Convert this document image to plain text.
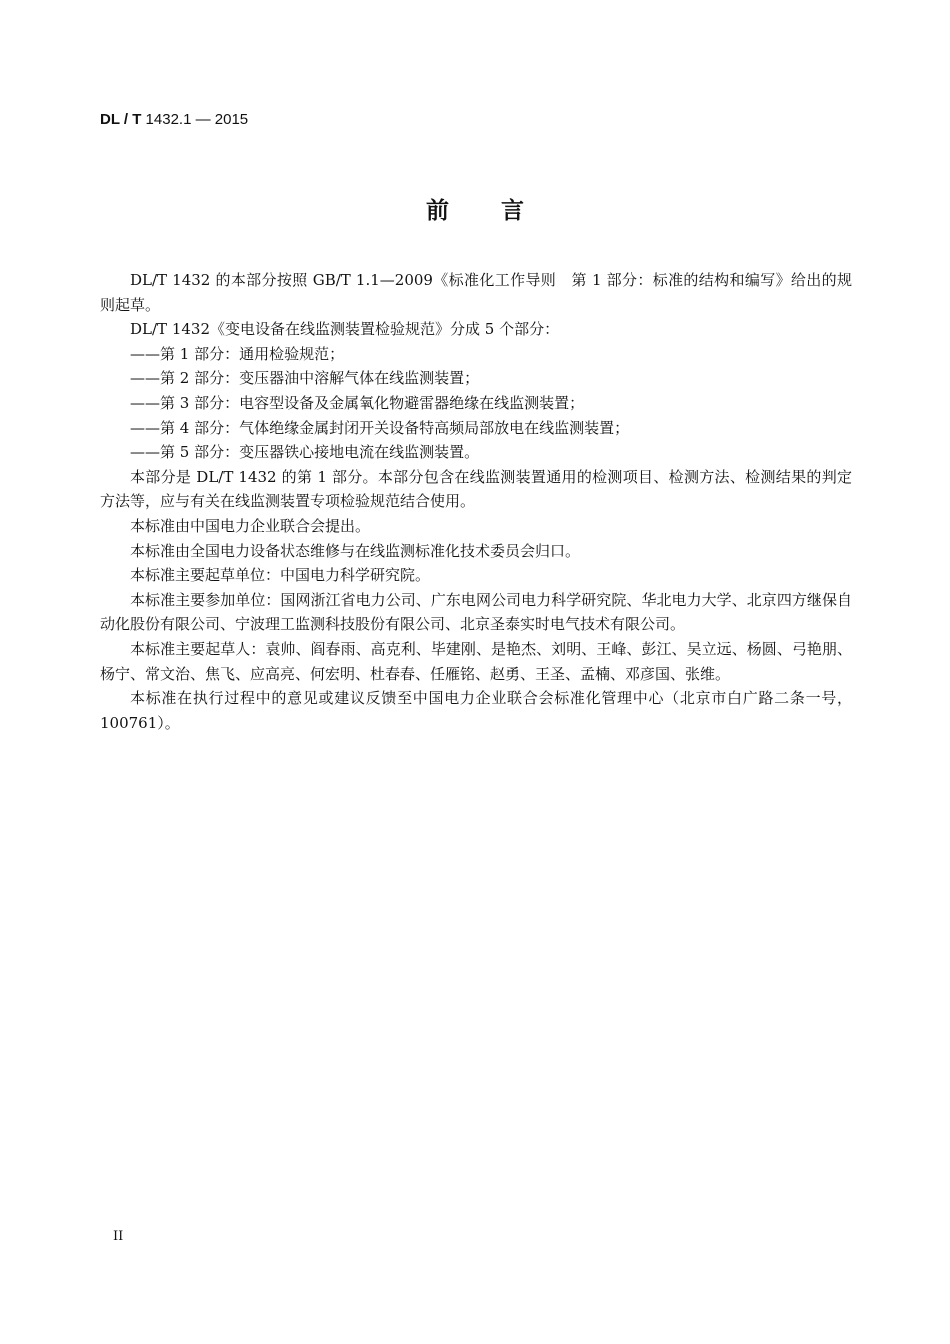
DL / T 1432.1 — 2015
前言

DL/T 1432 的本部分按照 GB/T 1.1—2009《标准化工作导则　第 1 部分：标准的结构和编写》给出的规则起草。

DL/T 1432《变电设备在线监测装置检验规范》分成 5 个部分：

——第 1 部分：通用检验规范；

——第 2 部分：变压器油中溶解气体在线监测装置；

——第 3 部分：电容型设备及金属氧化物避雷器绝缘在线监测装置；

——第 4 部分：气体绝缘金属封闭开关设备特高频局部放电在线监测装置；

——第 5 部分：变压器铁心接地电流在线监测装置。

本部分是 DL/T 1432 的第 1 部分。本部分包含在线监测装置通用的检测项目、检测方法、检测结果的判定方法等，应与有关在线监测装置专项检验规范结合使用。

本标准由中国电力企业联合会提出。

本标准由全国电力设备状态维修与在线监测标准化技术委员会归口。

本标准主要起草单位：中国电力科学研究院。

本标准主要参加单位：国网浙江省电力公司、广东电网公司电力科学研究院、华北电力大学、北京四方继保自动化股份有限公司、宁波理工监测科技股份有限公司、北京圣泰实时电气技术有限公司。

本标准主要起草人：袁帅、阎春雨、高克利、毕建刚、是艳杰、刘明、王峰、彭江、吴立远、杨圆、弓艳朋、杨宁、常文治、焦飞、应高亮、何宏明、杜春春、任雁铭、赵勇、王圣、孟楠、邓彦国、张维。

本标准在执行过程中的意见或建议反馈至中国电力企业联合会标准化管理中心（北京市白广路二条一号，100761）。

II
